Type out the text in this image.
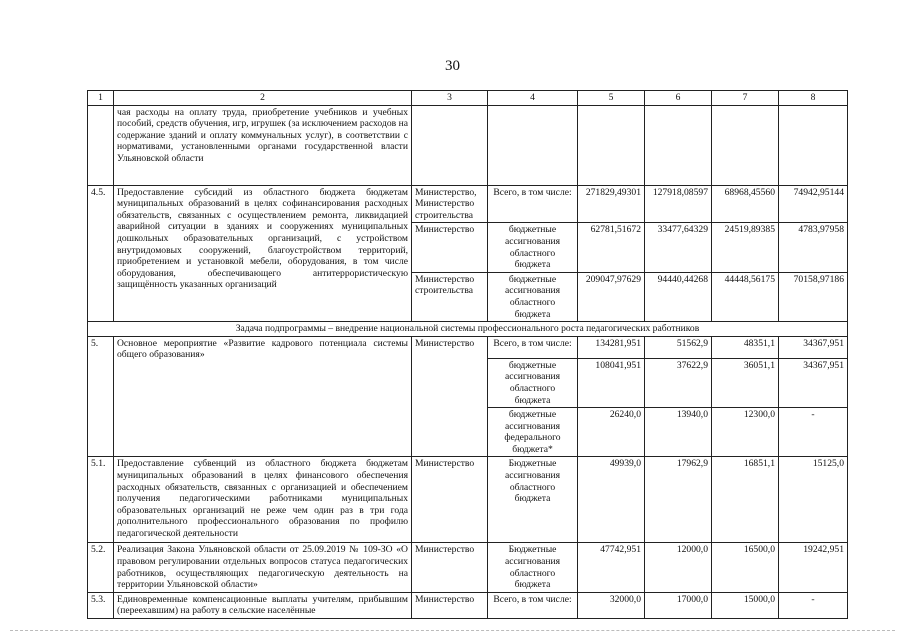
30
1	2	3	4	5	6	7	8
	чая расходы на оплату труда, приобретение учебников и учебных пособий, средств обучения, игр, игрушек (за исключением расходов на содержание зданий и оплату коммунальных услуг), в соответствии с нормативами, установленными органами государственной власти Ульяновской области						
4.5.	Предоставление субсидий из областного бюджета бюджетам муниципальных образований в целях софинансирования расходных обязательств, связанных с осуществлением ремонта, ликвидацией аварийной ситуации в зданиях и сооружениях муниципальных дошкольных образовательных организаций, с устройством внутридомовых сооружений, благоустройством территорий, приобретением и установкой мебели, оборудования, в том числе оборудования, обеспечивающего антитеррористическую защищённость указанных организаций	Министерство, Министерство строительства	Всего, в том числе:	271829,49301	127918,08597	68968,45560	74942,95144
		Министерство	бюджетные ассигнования областного бюджета	62781,51672	33477,64329	24519,89385	4783,97958
		Министерство строительства	бюджетные ассигнования областного бюджета	209047,97629	94440,44268	44448,56175	70158,97186
Задача подпрограммы – внедрение национальной системы профессионального роста педагогических работников							
5.	Основное мероприятие «Развитие кадрового потенциала системы общего образования»	Министерство	Всего, в том числе:	134281,951	51562,9	48351,1	34367,951
			бюджетные ассигнования областного бюджета	108041,951	37622,9	36051,1	34367,951
			бюджетные ассигнования федерального бюджета*	26240,0	13940,0	12300,0	-
5.1.	Предоставление субвенций из областного бюджета бюджетам муниципальных образований в целях финансового обеспечения расходных обязательств, связанных с организацией и обеспечением получения педагогическими работниками муниципальных образовательных организаций не реже чем один раз в три года дополнительного профессионального образования по профилю педагогической деятельности	Министерство	Бюджетные ассигнования областного бюджета	49939,0	17962,9	16851,1	15125,0
5.2.	Реализация Закона Ульяновской области от 25.09.2019 № 109-ЗО «О правовом регулировании отдельных вопросов статуса педагогических работников, осуществляющих педагогическую деятельность на территории Ульяновской области»	Министерство	Бюджетные ассигнования областного бюджета	47742,951	12000,0	16500,0	19242,951
5.3.	Единовременные компенсационные выплаты учителям, прибывшим (переехавшим) на работу в сельские населённые	Министерство	Всего, в том числе:	32000,0	17000,0	15000,0	-
